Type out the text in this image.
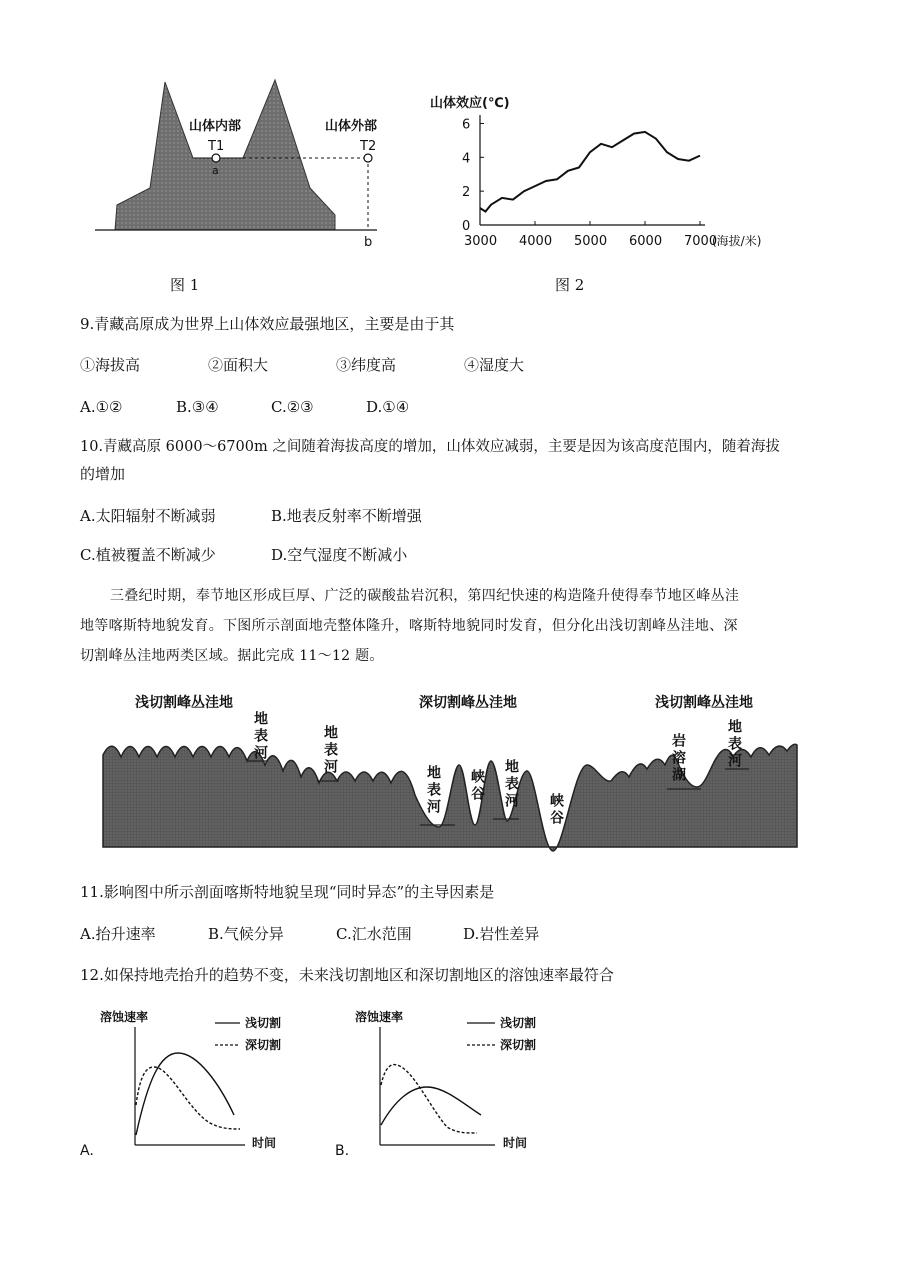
山体内部	山体外部
T1	T2
a
b
图 1
山体效应(℃)
3000 4000 5000 6000 7000
0
2
4
6
(海拔/米)
图 2
9.青藏高原成为世界上山体效应最强地区，主要是由于其
①海拔高	②面积大	③纬度高	④湿度大
A.①②	B.③④	C.②③	D.①④
10.青藏高原 6000～6700m 之间随着海拔高度的增加，山体效应减弱，主要是因为该高度范围内，随着海拔
的增加
A.太阳辐射不断减弱	B.地表反射率不断增强
C.植被覆盖不断减少	D.空气湿度不断减小
三叠纪时期，奉节地区形成巨厚、广泛的碳酸盐岩沉积，第四纪快速的构造隆升使得奉节地区峰丛洼
地等喀斯特地貌发育。下图所示剖面地壳整体隆升，喀斯特地貌同时发育，但分化出浅切割峰丛洼地、深
切割峰丛洼地两类区域。据此完成 11～12 题。
浅切割峰丛洼地	深切割峰丛洼地	浅切割峰丛洼地
地表河	地表河
地表河 峡谷 地表河 峡谷
岩溶湖	地表河
11.影响图中所示剖面喀斯特地貌呈现“同时异态”的主导因素是
A.抬升速率	B.气候分异	C.汇水范围	D.岩性差异
12.如保持地壳抬升的趋势不变，未来浅切割地区和深切割地区的溶蚀速率最符合
溶蚀速率	浅切割
深切割
时间
A.
溶蚀速率	浅切割
深切割
时间
B.
